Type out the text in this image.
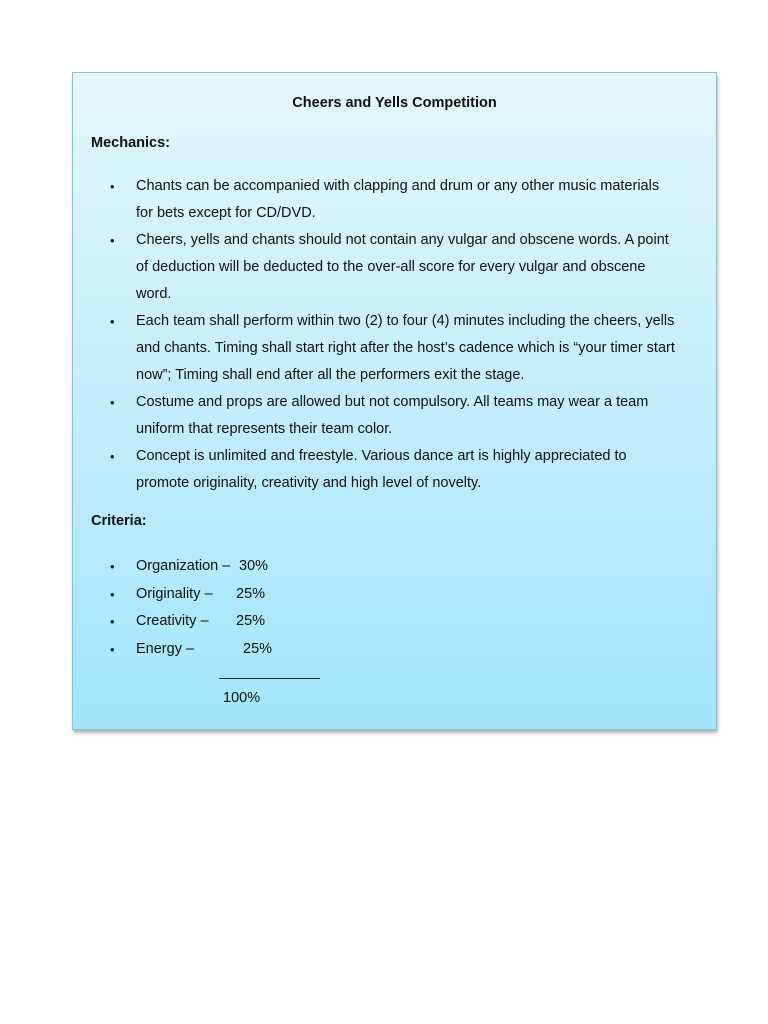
Cheers and Yells Competition

Mechanics:

• Chants can be accompanied with clapping and drum or any other music materials for bets except for CD/DVD.
• Cheers, yells and chants should not contain any vulgar and obscene words. A point of deduction will be deducted to the over-all score for every vulgar and obscene word.
• Each team shall perform within two (2) to four (4) minutes including the cheers, yells and chants. Timing shall start right after the host’s cadence which is “your timer start now”; Timing shall end after all the performers exit the stage.
• Costume and props are allowed but not compulsory. All teams may wear a team uniform that represents their team color.
• Concept is unlimited and freestyle. Various dance art is highly appreciated to promote originality, creativity and high level of novelty.

Criteria:

• Organization – 30%
• Originality – 25%
• Creativity – 25%
• Energy –	25%
100%
